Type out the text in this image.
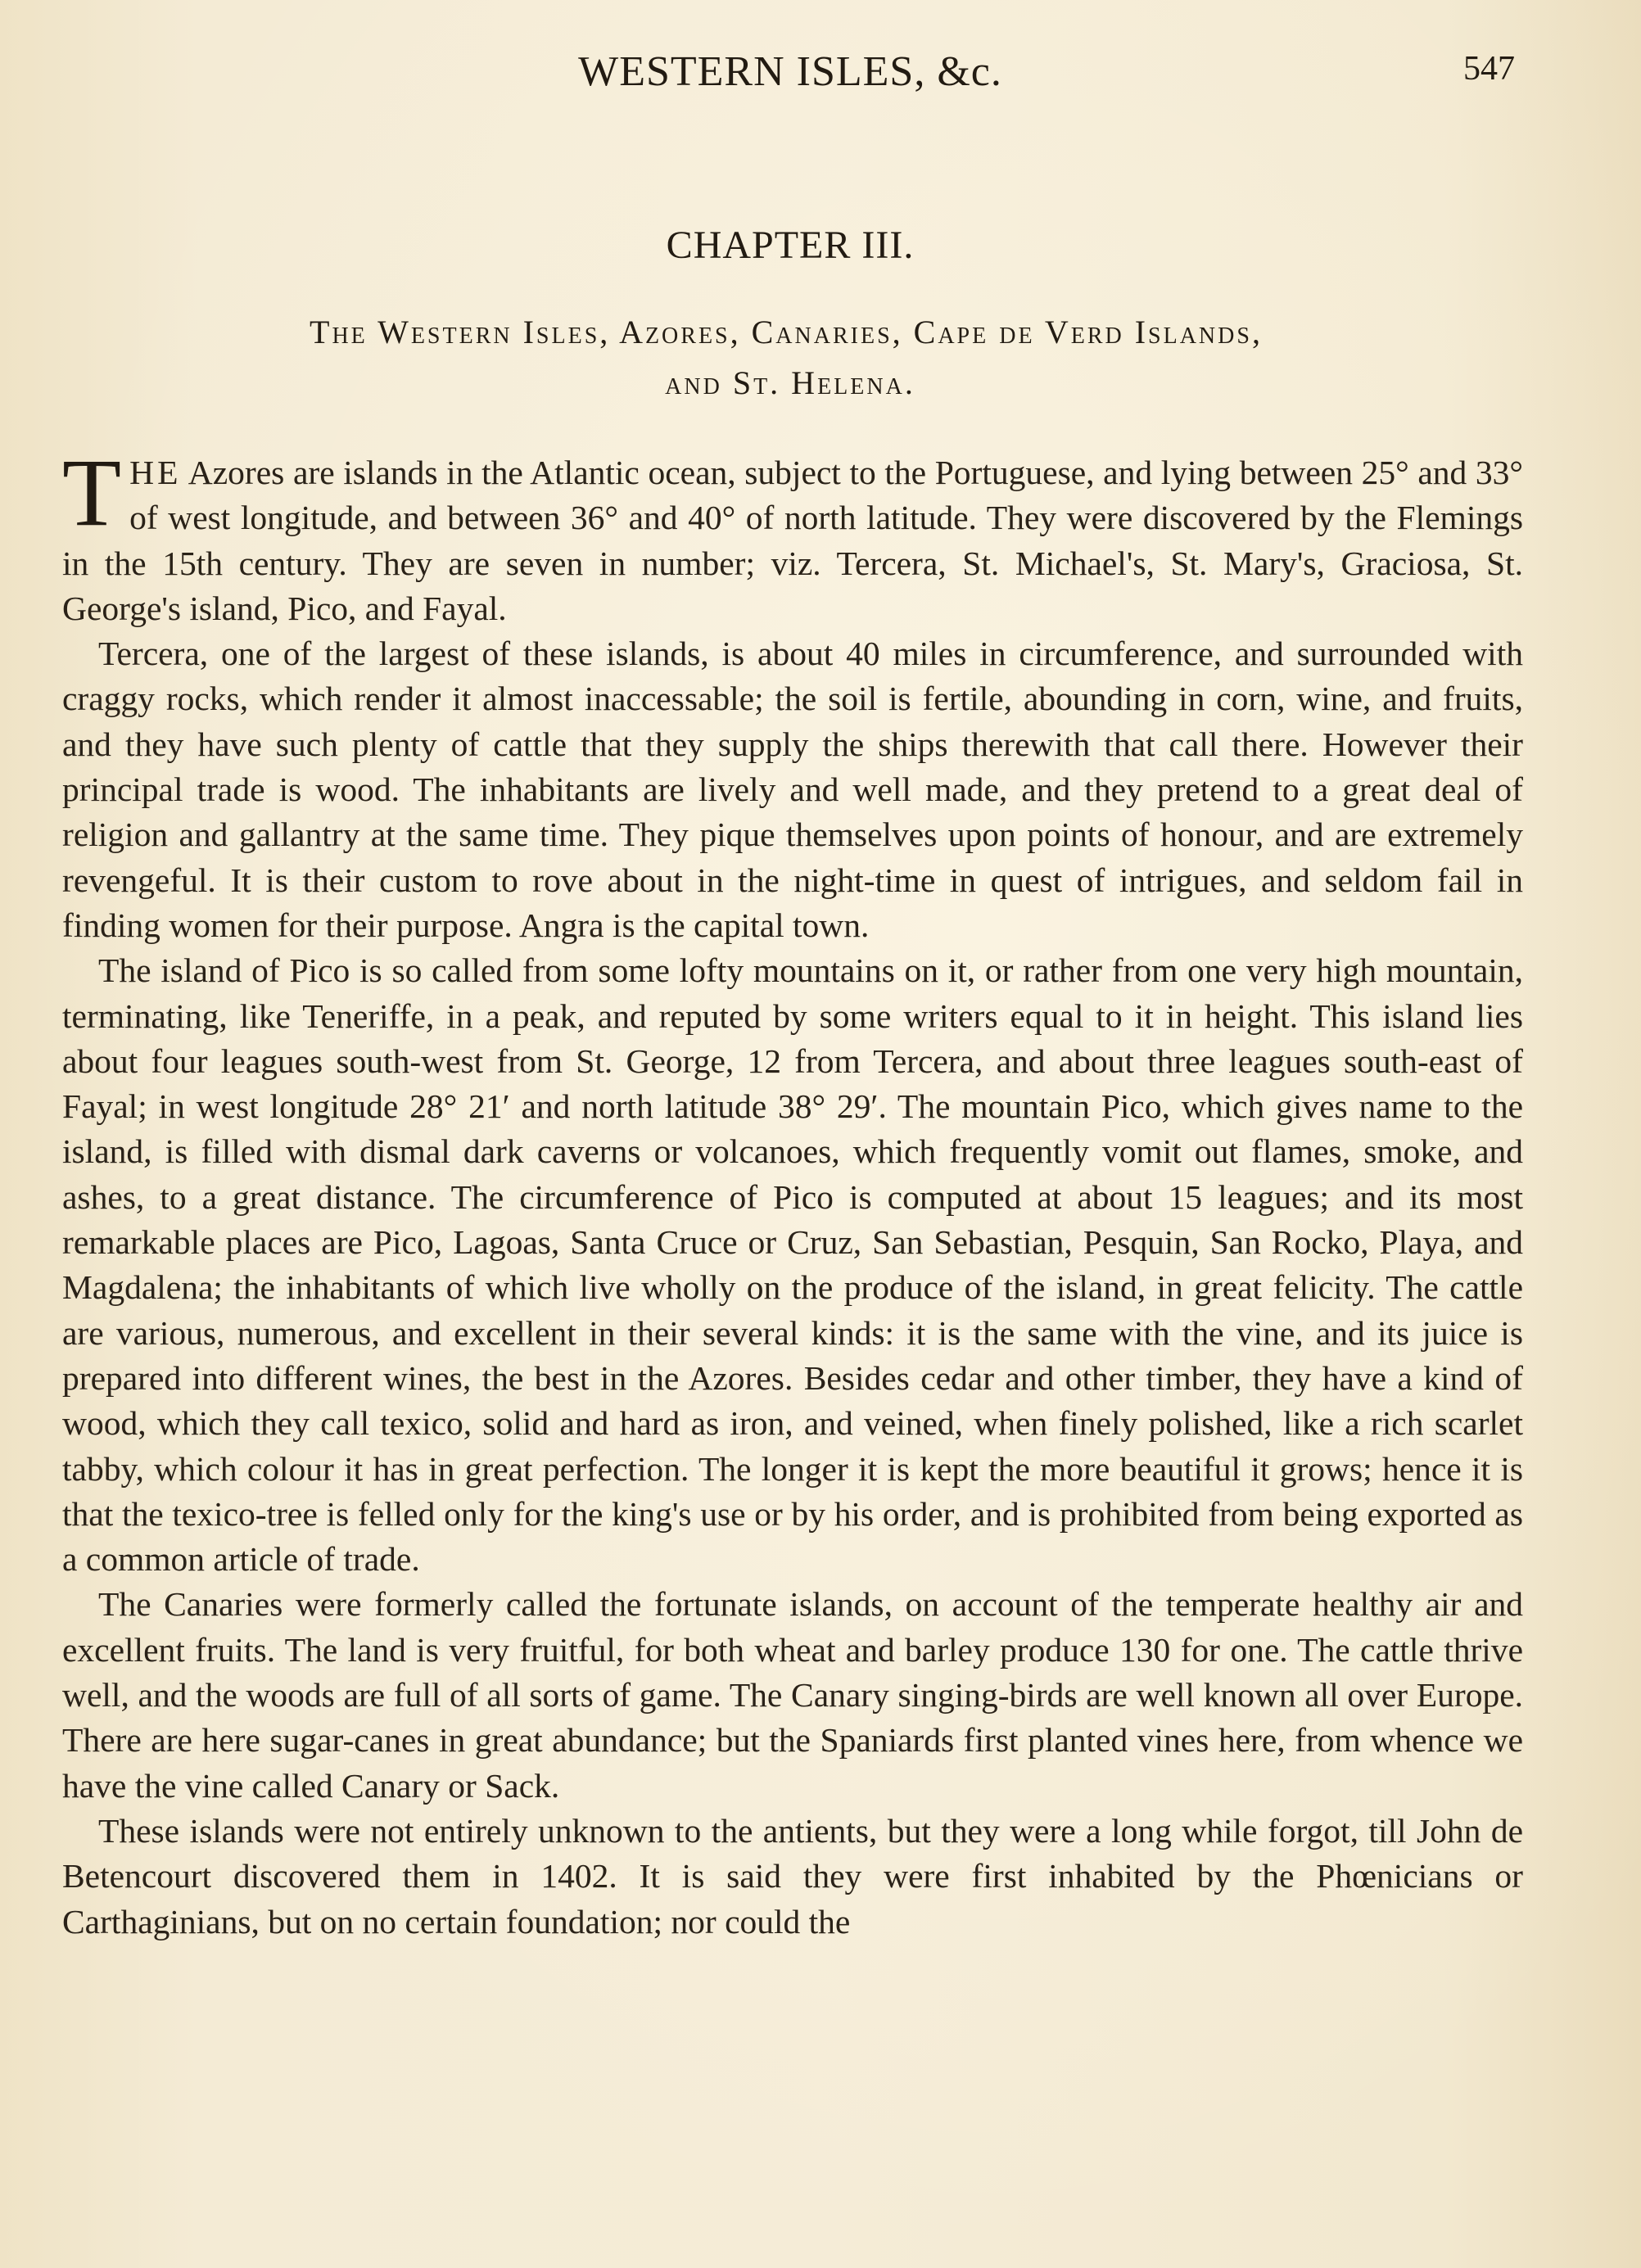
WESTERN ISLES, &c.	547
CHAPTER III.
The Western Isles, Azores, Canaries, Cape de Verd Islands,
and St. Helena.

THE Azores are islands in the Atlantic ocean, subject to the Portuguese, and lying between 25° and 33° of west longitude, and between 36° and 40° of north latitude. They were discovered by the Flemings in the 15th century. They are seven in number; viz. Tercera, St. Michael's, St. Mary's, Graciosa, St. George's island, Pico, and Fayal.

Tercera, one of the largest of these islands, is about 40 miles in circumference, and surrounded with craggy rocks, which render it almost inaccessable; the soil is fertile, abounding in corn, wine, and fruits, and they have such plenty of cattle that they supply the ships therewith that call there. However their principal trade is wood. The inhabitants are lively and well made, and they pretend to a great deal of religion and gallantry at the same time. They pique themselves upon points of honour, and are extremely revengeful. It is their custom to rove about in the night-time in quest of intrigues, and seldom fail in finding women for their purpose. Angra is the capital town.

The island of Pico is so called from some lofty mountains on it, or rather from one very high mountain, terminating, like Teneriffe, in a peak, and reputed by some writers equal to it in height. This island lies about four leagues south-west from St. George, 12 from Tercera, and about three leagues south-east of Fayal; in west longitude 28° 21′ and north latitude 38° 29′. The mountain Pico, which gives name to the island, is filled with dismal dark caverns or volcanoes, which frequently vomit out flames, smoke, and ashes, to a great distance. The circumference of Pico is computed at about 15 leagues; and its most remarkable places are Pico, Lagoas, Santa Cruce or Cruz, San Sebastian, Pesquin, San Rocko, Playa, and Magdalena; the inhabitants of which live wholly on the produce of the island, in great felicity. The cattle are various, numerous, and excellent in their several kinds: it is the same with the vine, and its juice is prepared into different wines, the best in the Azores. Besides cedar and other timber, they have a kind of wood, which they call texico, solid and hard as iron, and veined, when finely polished, like a rich scarlet tabby, which colour it has in great perfection. The longer it is kept the more beautiful it grows; hence it is that the texico-tree is felled only for the king's use or by his order, and is prohibited from being exported as a common article of trade.

The Canaries were formerly called the fortunate islands, on account of the temperate healthy air and excellent fruits. The land is very fruitful, for both wheat and barley produce 130 for one. The cattle thrive well, and the woods are full of all sorts of game. The Canary singing-birds are well known all over Europe. There are here sugar-canes in great abundance; but the Spaniards first planted vines here, from whence we have the vine called Canary or Sack.

These islands were not entirely unknown to the antients, but they were a long while forgot, till John de Betencourt discovered them in 1402. It is said they were first inhabited by the Phœnicians or Carthaginians, but on no certain foundation; nor could the
